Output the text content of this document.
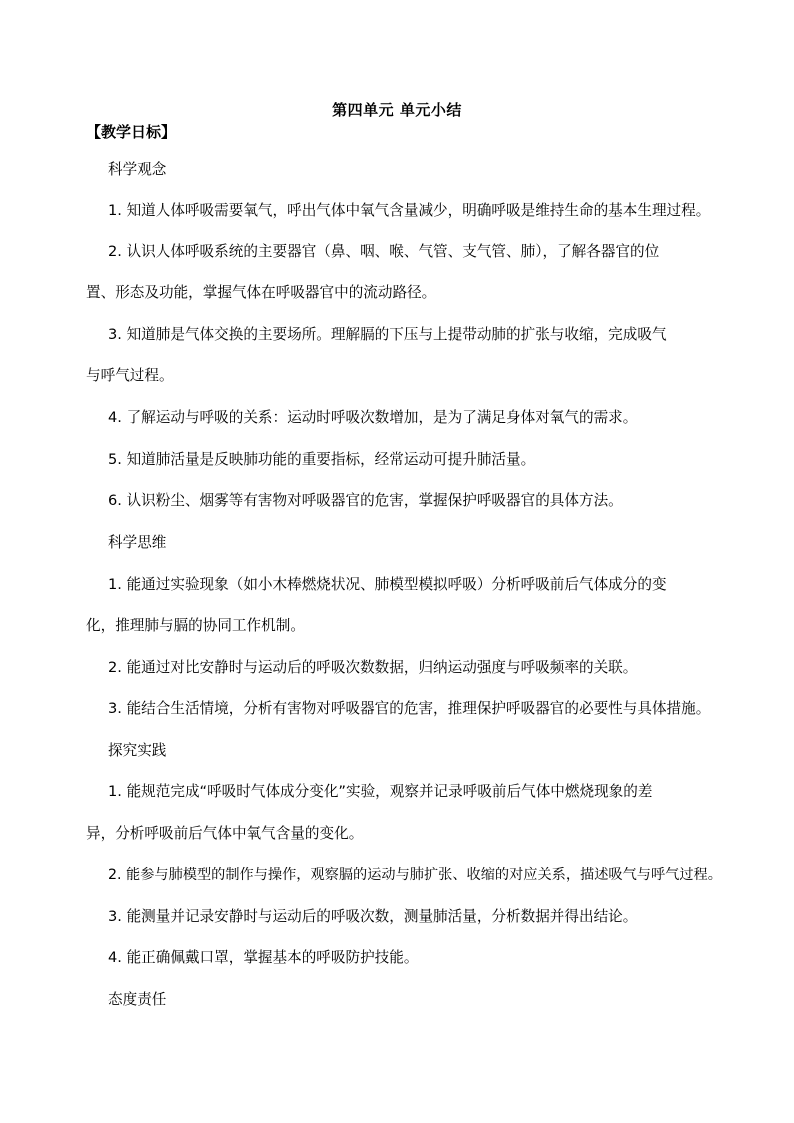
第四单元 单元小结
【教学日标】
科学观念
1. 知道人体呼吸需要氧气，呼出气体中氧气含量减少，明确呼吸是维持生命的基本生理过程。
2. 认识人体呼吸系统的主要器官（鼻、咽、喉、气管、支气管、肺），了解各器官的位
置、形态及功能，掌握气体在呼吸器官中的流动路径。
3. 知道肺是气体交换的主要场所。理解膈的下压与上提带动肺的扩张与收缩，完成吸气
与呼气过程。
4. 了解运动与呼吸的关系：运动时呼吸次数增加，是为了满足身体对氧气的需求。
5. 知道肺活量是反映肺功能的重要指标，经常运动可提升肺活量。
6. 认识粉尘、烟雾等有害物对呼吸器官的危害，掌握保护呼吸器官的具体方法。
科学思维
1. 能通过实验现象（如小木棒燃烧状况、肺模型模拟呼吸）分析呼吸前后气体成分的变
化，推理肺与膈的协同工作机制。
2. 能通过对比安静时与运动后的呼吸次数数据，归纳运动强度与呼吸频率的关联。
3. 能结合生活情境，分析有害物对呼吸器官的危害，推理保护呼吸器官的必要性与具体措施。
探究实践
1. 能规范完成“呼吸时气体成分变化”实验，观察并记录呼吸前后气体中燃烧现象的差
异，分析呼吸前后气体中氧气含量的变化。
2. 能参与肺模型的制作与操作，观察膈的运动与肺扩张、收缩的对应关系，描述吸气与呼气过程。
3. 能测量并记录安静时与运动后的呼吸次数，测量肺活量，分析数据并得出结论。
4. 能正确佩戴口罩，掌握基本的呼吸防护技能。
态度责任
